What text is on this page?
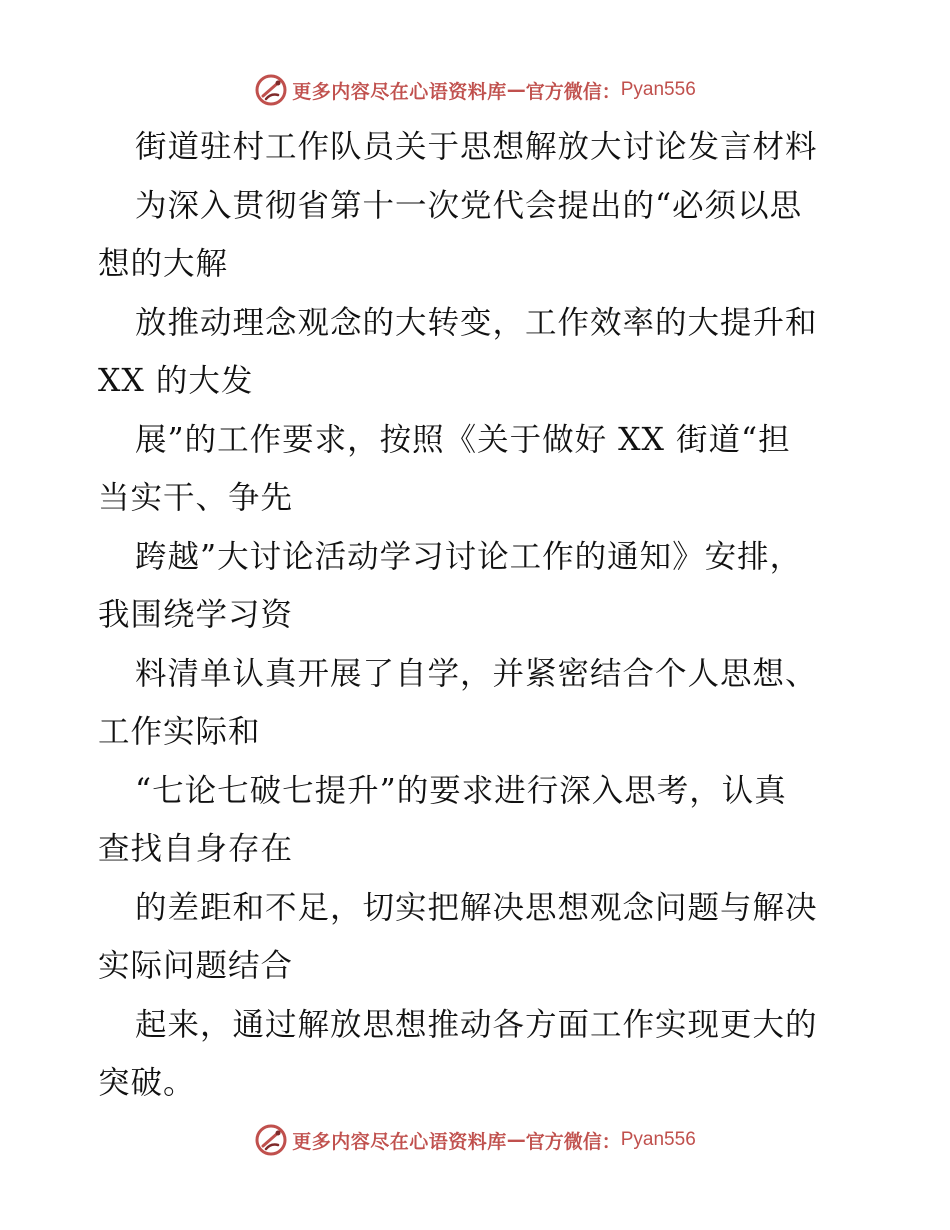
更多内容尽在心语资料库 — 官方微信： Pyan556
街道驻村工作队员关于思想解放大讨论发言材料
为深入贯彻省第十一次党代会提出的“必须以思
想的大解
放推动理念观念的大转变，工作效率的大提升和
XX 的大发
展”的工作要求，按照《关于做好 XX 街道“担
当实干、争先
跨越”大讨论活动学习讨论工作的通知》安排，
我围绕学习资
料清单认真开展了自学，并紧密结合个人思想、
工作实际和
“七论七破七提升”的要求进行深入思考，认真
查找自身存在
的差距和不足，切实把解决思想观念问题与解决
实际问题结合
起来，通过解放思想推动各方面工作实现更大的
突破。
更多内容尽在心语资料库 — 官方微信： Pyan556
